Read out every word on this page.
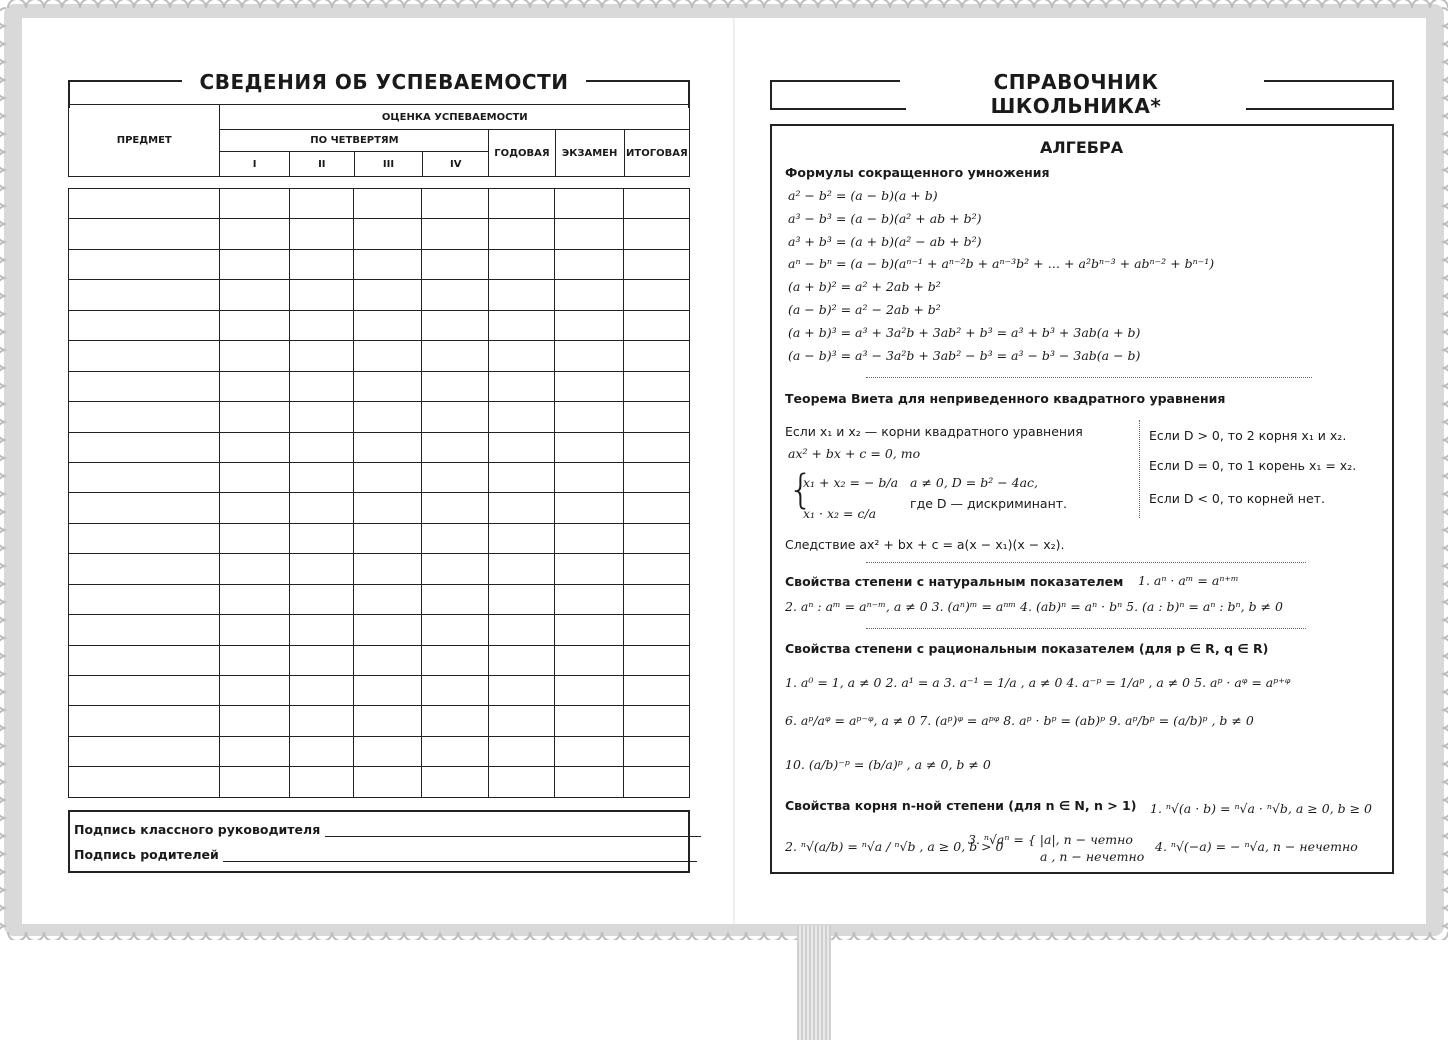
СВЕДЕНИЯ ОБ УСПЕВАЕМОСТИ
ПРЕДМЕТ	ОЦЕНКА УСПЕВАЕМОСТИ						
	ПО ЧЕТВЕРТЯМ				ГОДОВАЯ	ЭКЗАМЕН	ИТОГОВАЯ
	I	II	III	IV			

Подпись классного руководителя
Подпись родителей
СПРАВОЧНИК ШКОЛЬНИКА*
АЛГЕБРА
Формулы сокращенного умножения
a² − b² = (a − b)(a + b)
a³ − b³ = (a − b)(a² + ab + b²)
a³ + b³ = (a + b)(a² − ab + b²)
aⁿ − bⁿ = (a − b)(aⁿ⁻¹ + aⁿ⁻²b + aⁿ⁻³b² + … + a²bⁿ⁻³ + abⁿ⁻² + bⁿ⁻¹)
(a + b)² = a² + 2ab + b²
(a − b)² = a² − 2ab + b²
(a + b)³ = a³ + 3a²b + 3ab² + b³ = a³ + b³ + 3ab(a + b)
(a − b)³ = a³ − 3a²b + 3ab² − b³ = a³ − b³ − 3ab(a − b)
Теорема Виета для неприведенного квадратного уравнения
Если x₁ и x₂ — корни квадратного уравнения
ax² + bx + c = 0, то
{
x₁ + x₂ = − b/a
x₁ · x₂ = c/a
a ≠ 0, D = b² − 4ac,
где D — дискриминант.
Следствие ax² + bx + c = a(x − x₁)(x − x₂).
Если D > 0, то 2 корня x₁ и x₂.
Если D = 0, то 1 корень x₁ = x₂.
Если D < 0, то корней нет.
Свойства степени с натуральным показателем 1. aⁿ · aᵐ = aⁿ⁺ᵐ
2. aⁿ : aᵐ = aⁿ⁻ᵐ, a ≠ 0 3. (aⁿ)ᵐ = aⁿᵐ 4. (ab)ⁿ = aⁿ · bⁿ 5. (a : b)ⁿ = aⁿ : bⁿ, b ≠ 0
Свойства степени с рациональным показателем (для p ∈ R, q ∈ R)
1. a⁰ = 1, a ≠ 0 2. a¹ = a 3. a⁻¹ = 1/a , a ≠ 0 4. a⁻ᵖ = 1/aᵖ , a ≠ 0 5. aᵖ · aᵠ = aᵖ⁺ᵠ
6. aᵖ/aᵠ = aᵖ⁻ᵠ, a ≠ 0 7. (aᵖ)ᵠ = aᵖᵠ 8. aᵖ · bᵖ = (ab)ᵖ 9. aᵖ/bᵖ = (a/b)ᵖ , b ≠ 0
10. (a/b)⁻ᵖ = (b/a)ᵖ , a ≠ 0, b ≠ 0
Свойства корня n-ной степени (для n ∈ N, n > 1) 1. ⁿ√(a · b) = ⁿ√a · ⁿ√b, a ≥ 0, b ≥ 0
2. ⁿ√(a/b) = ⁿ√a / ⁿ√b , a ≥ 0, b > 0
3. ⁿ√aⁿ = { |a|, n − четно
a , n − нечетно
4. ⁿ√(−a) = − ⁿ√a, n − нечетно
